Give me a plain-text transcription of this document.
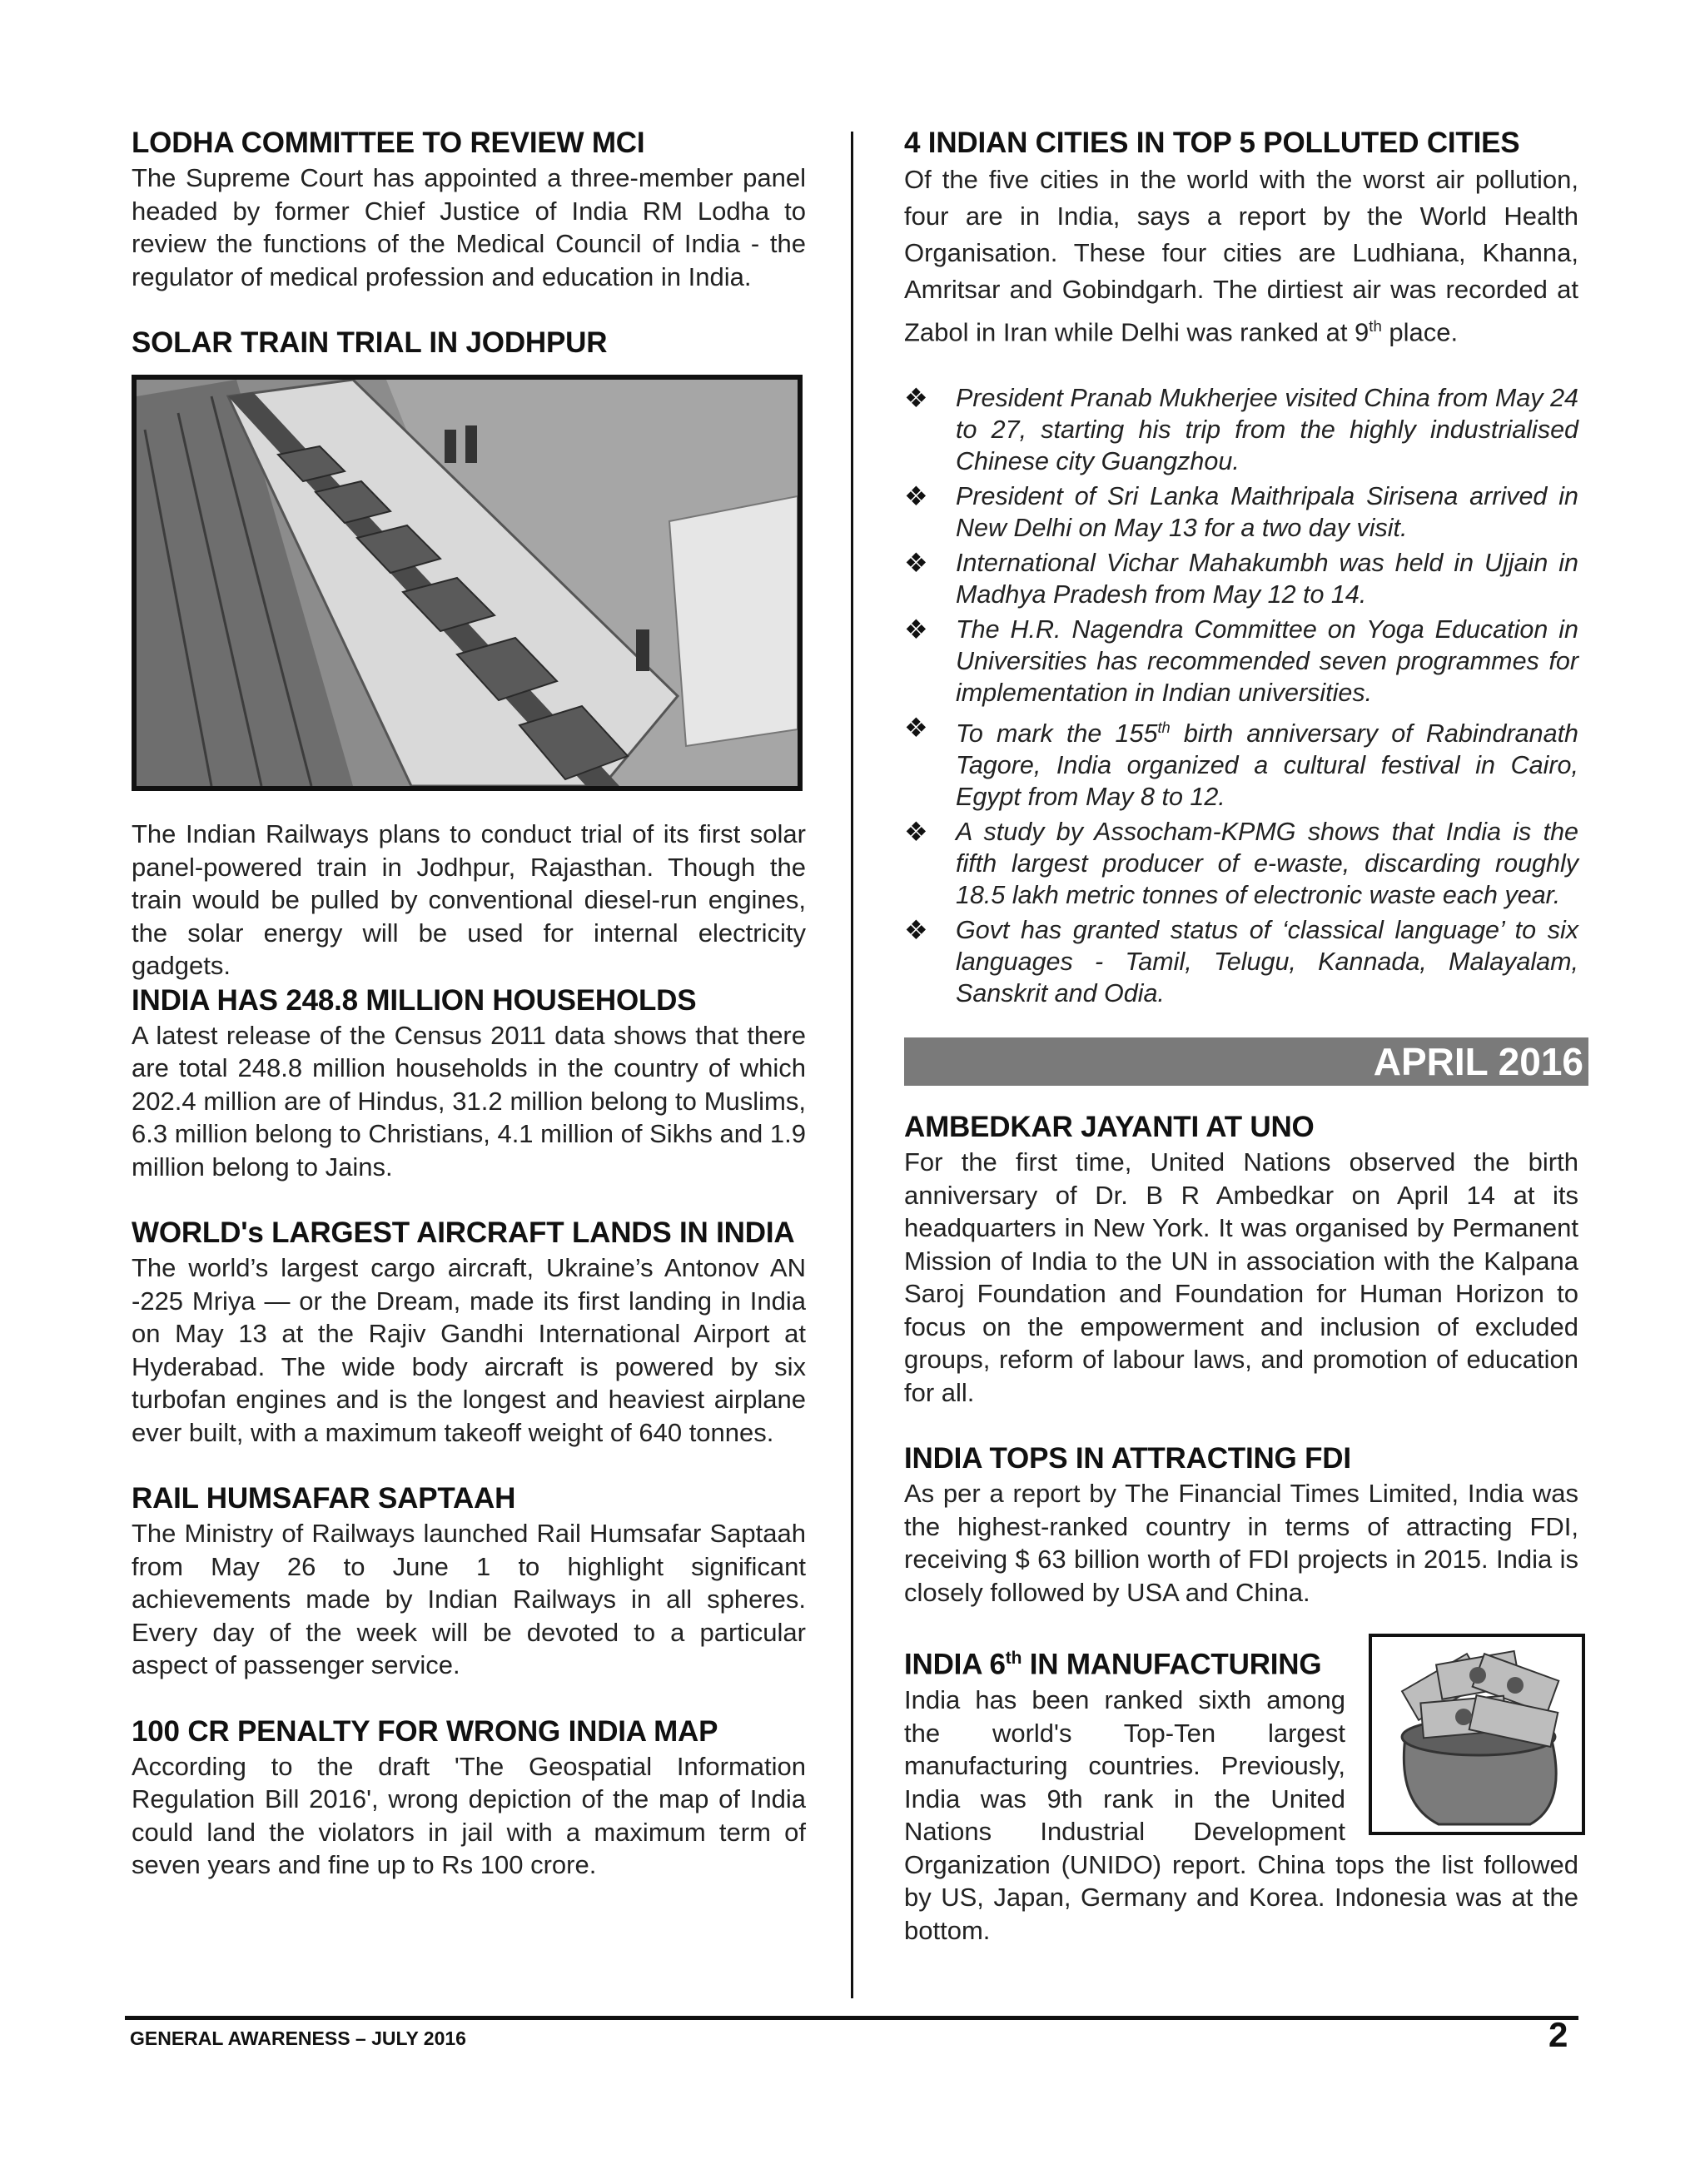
LODHA COMMITTEE TO REVIEW MCI

The Supreme Court has appointed a three-member panel headed by former Chief Justice of India RM Lodha to review the functions of the Medical Council of India - the regulator of medical profession and education in India.

SOLAR TRAIN TRIAL IN JODHPUR

The Indian Railways plans to conduct trial of its first solar panel-powered train in Jodhpur, Rajasthan. Though the train would be pulled by conventional diesel-run engines, the solar energy will be used for internal electricity gadgets.

INDIA HAS 248.8 MILLION HOUSEHOLDS

A latest release of the Census 2011 data shows that there are total 248.8 million households in the country of which 202.4 million are of Hindus, 31.2 million belong to Muslims, 6.3 million belong to Christians, 4.1 million of Sikhs and 1.9 million belong to Jains.

WORLD's LARGEST AIRCRAFT LANDS IN INDIA

The world’s largest cargo aircraft, Ukraine’s Antonov AN -225 Mriya — or the Dream, made its first landing in India on May 13 at the Rajiv Gandhi International Airport at Hyderabad. The wide body aircraft is powered by six turbofan engines and is the longest and heaviest airplane ever built, with a maximum takeoff weight of 640 tonnes.

RAIL HUMSAFAR SAPTAAH

The Ministry of Railways launched Rail Humsafar Saptaah from May 26 to June 1 to highlight significant achievements made by Indian Railways in all spheres. Every day of the week will be devoted to a particular aspect of passenger service.

100 CR PENALTY FOR WRONG INDIA MAP

According to the draft 'The Geospatial Information Regulation Bill 2016', wrong depiction of the map of India could land the violators in jail with a maximum term of seven years and fine up to Rs 100 crore.

4 INDIAN CITIES IN TOP 5 POLLUTED CITIES

Of the five cities in the world with the worst air pollution, four are in India, says a report by the World Health Organisation. These four cities are Ludhiana, Khanna, Amritsar and Gobindgarh. The dirtiest air was recorded at Zabol in Iran while Delhi was ranked at 9th place.

❖ President Pranab Mukherjee visited China from May 24 to 27, starting his trip from the highly industrialised Chinese city Guangzhou.
❖ President of Sri Lanka Maithripala Sirisena arrived in New Delhi on May 13 for a two day visit.
❖ International Vichar Mahakumbh was held in Ujjain in Madhya Pradesh from May 12 to 14.
❖ The H.R. Nagendra Committee on Yoga Education in Universities has recommended seven programmes for implementation in Indian universities.
❖ To mark the 155th birth anniversary of Rabindranath Tagore, India organized a cultural festival in Cairo, Egypt from May 8 to 12.
❖ A study by Assocham-KPMG shows that India is the fifth largest producer of e-waste, discarding roughly 18.5 lakh metric tonnes of electronic waste each year.
❖ Govt has granted status of ‘classical language’ to six languages - Tamil, Telugu, Kannada, Malayalam, Sanskrit and Odia.
APRIL 2016
AMBEDKAR JAYANTI AT UNO

For the first time, United Nations observed the birth anniversary of Dr. B R Ambedkar on April 14 at its headquarters in New York. It was organised by Permanent Mission of India to the UN in association with the Kalpana Saroj Foundation and Foundation for Human Horizon to focus on the empowerment and inclusion of excluded groups, reform of labour laws, and promotion of education for all.

INDIA TOPS IN ATTRACTING FDI

As per a report by The Financial Times Limited, India was the highest-ranked country in terms of attracting FDI, receiving $ 63 billion worth of FDI projects in 2015. India is closely followed by USA and China.

INDIA 6th IN MANUFACTURING

India has been ranked sixth among the world's Top-Ten largest manufacturing countries. Previously, India was 9th rank in the United Nations Industrial Development Organization (UNIDO) report. China tops the list followed by US, Japan, Germany and Korea. Indonesia was at the bottom.

GENERAL AWARENESS – JULY 2016	2
